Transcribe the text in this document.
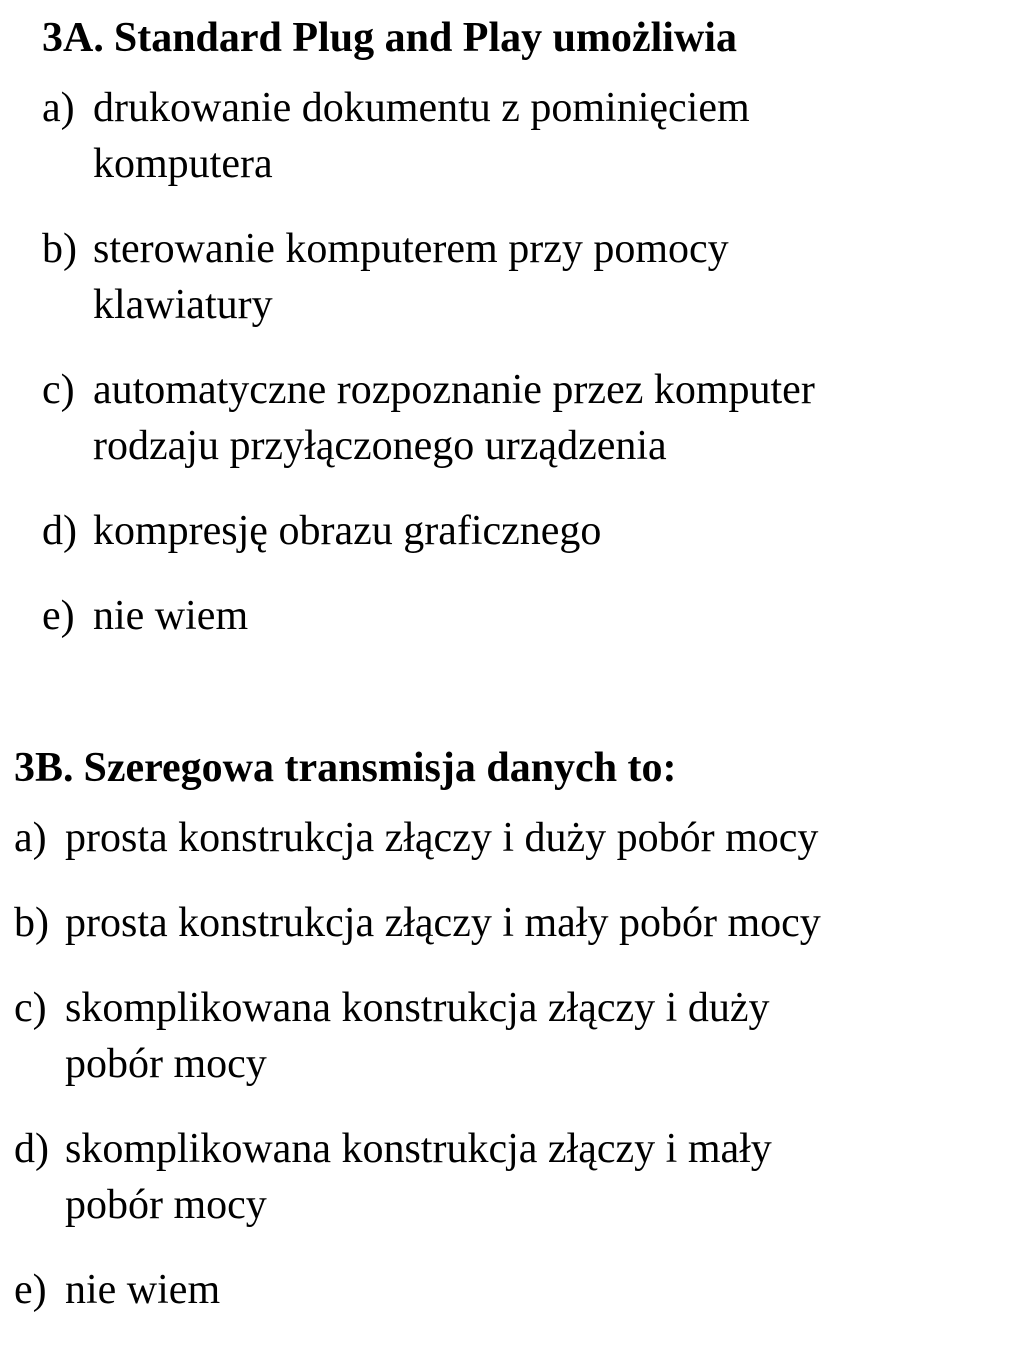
3A. Standard Plug and Play umożliwia
a) drukowanie dokumentu z pominięciem
komputera
b) sterowanie komputerem przy pomocy
klawiatury
c) automatyczne rozpoznanie przez komputer
rodzaju przyłączonego urządzenia
d) kompresję obrazu graficznego
e) nie wiem
3B. Szeregowa transmisja danych to:
a) prosta konstrukcja złączy i duży pobór mocy
b) prosta konstrukcja złączy i mały pobór mocy
c) skomplikowana konstrukcja złączy i duży
pobór mocy
d) skomplikowana konstrukcja złączy i mały
pobór mocy
e) nie wiem
